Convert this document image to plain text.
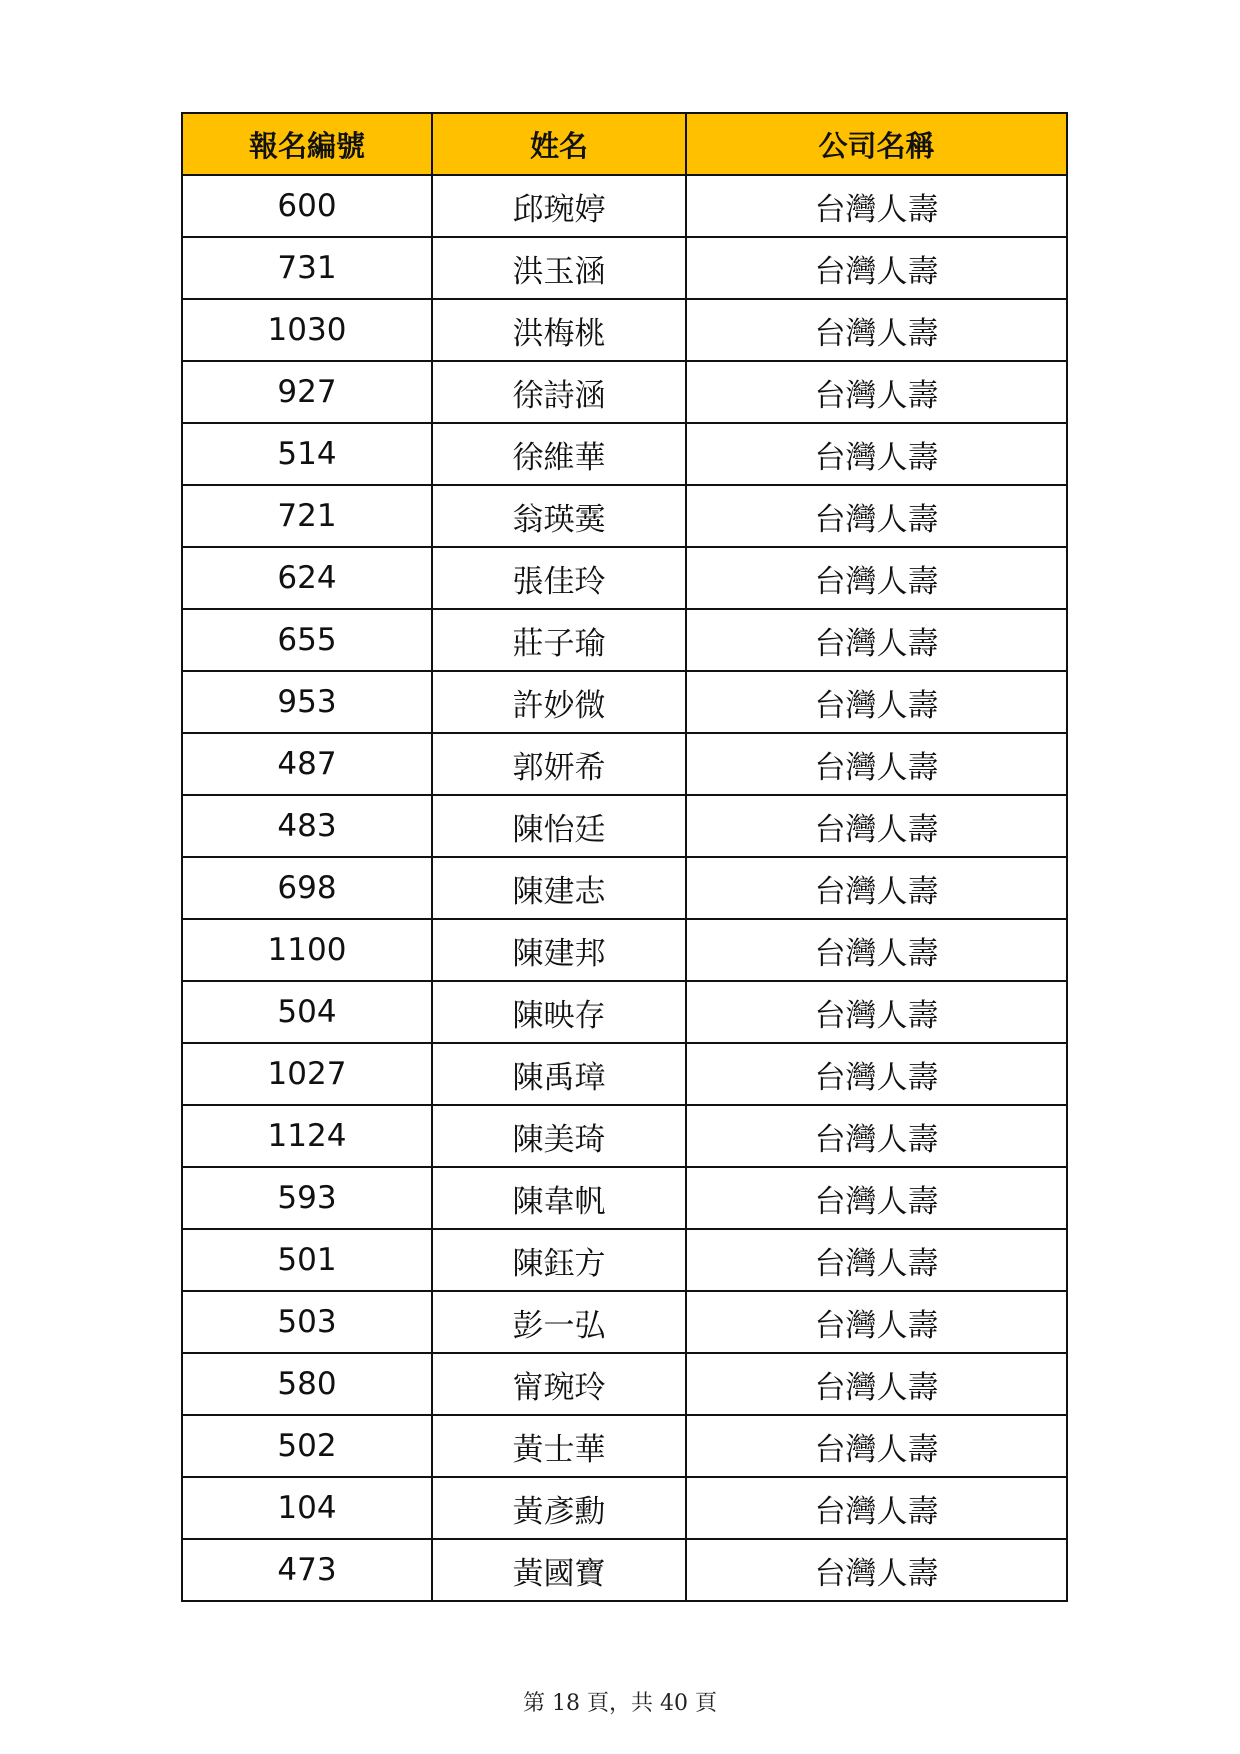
報名編號	姓名	公司名稱
600	邱琬婷	台灣人壽
731	洪玉涵	台灣人壽
1030	洪梅桃	台灣人壽
927	徐詩涵	台灣人壽
514	徐維華	台灣人壽
721	翁瑛霙	台灣人壽
624	張佳玲	台灣人壽
655	莊子瑜	台灣人壽
953	許妙微	台灣人壽
487	郭妍希	台灣人壽
483	陳怡廷	台灣人壽
698	陳建志	台灣人壽
1100	陳建邦	台灣人壽
504	陳映存	台灣人壽
1027	陳禹璋	台灣人壽
1124	陳美琦	台灣人壽
593	陳韋帆	台灣人壽
501	陳鈺方	台灣人壽
503	彭一弘	台灣人壽
580	甯琬玲	台灣人壽
502	黃士華	台灣人壽
104	黃彥勳	台灣人壽
473	黃國寶	台灣人壽
第 18 頁，共 40 頁
